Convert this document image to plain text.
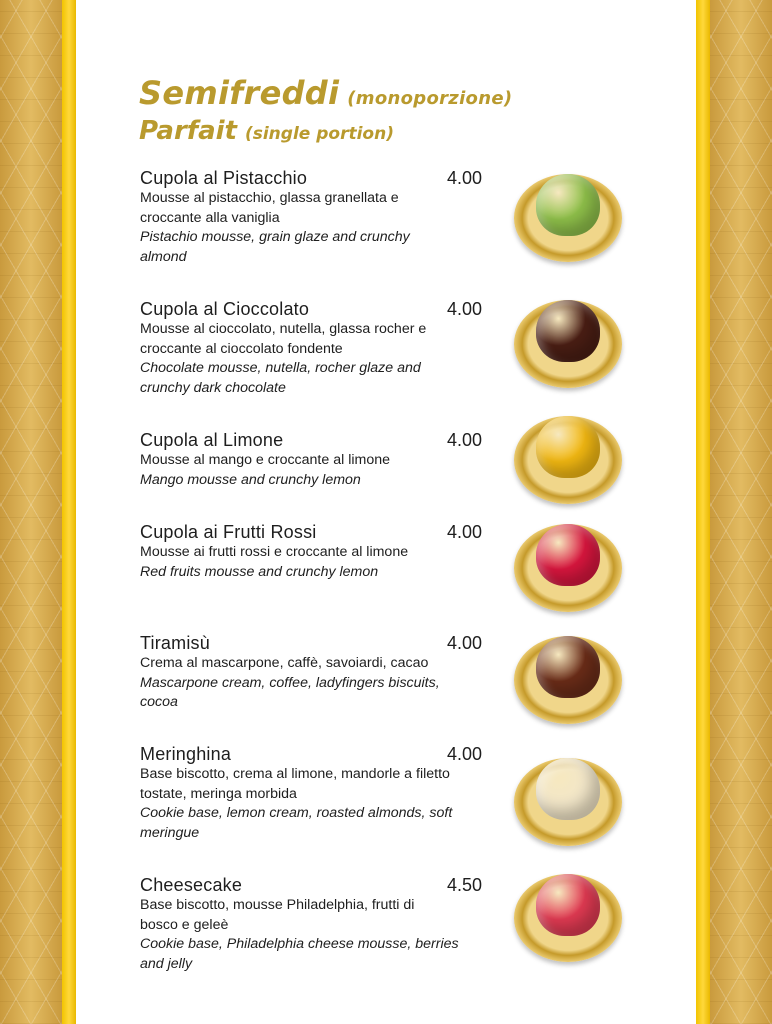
Semifreddi (monoporzione)
Parfait (single portion)
Cupola al Pistacchio	4.00
Mousse al pistacchio, glassa granellata e croccante alla vaniglia
Pistachio mousse, grain glaze and crunchy almond
Cupola al Cioccolato	4.00
Mousse al cioccolato, nutella, glassa rocher e croccante al cioccolato fondente
Chocolate mousse, nutella, rocher glaze and crunchy dark chocolate
Cupola al Limone	4.00
Mousse al mango e croccante al limone
Mango mousse and crunchy lemon
Cupola ai Frutti Rossi	4.00
Mousse ai frutti rossi e croccante al limone
Red fruits mousse and crunchy lemon
Tiramisù	4.00
Crema al mascarpone, caffè, savoiardi, cacao
Mascarpone cream, coffee, ladyfingers biscuits, cocoa
Meringhina	4.00
Base biscotto, crema al limone, mandorle a filetto tostate, meringa morbida
Cookie base, lemon cream, roasted almonds, soft meringue
Cheesecake	4.50
Base biscotto, mousse Philadelphia, frutti di bosco e geleè
Cookie base, Philadelphia cheese mousse, berries and jelly
